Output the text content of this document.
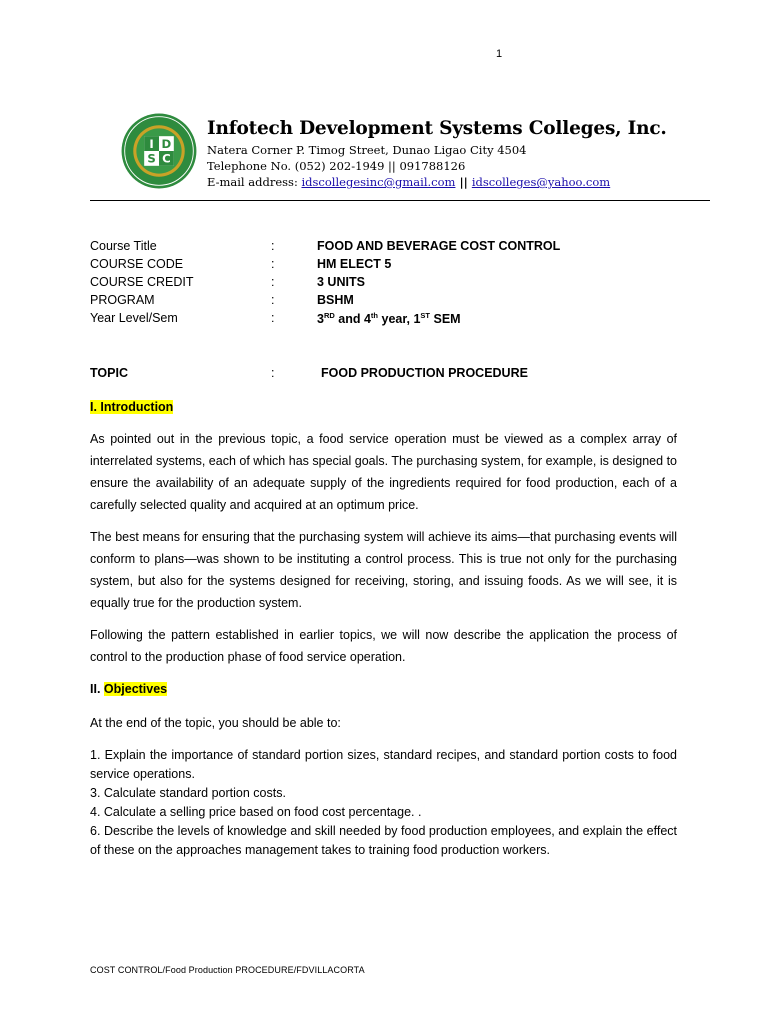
1
I D
S C
Infotech Development Systems Colleges, Inc.
Natera Corner P. Timog Street, Dunao Ligao City 4504
Telephone No. (052) 202-1949 || 091788126
E-mail address: idscollegesinc@gmail.com || idscolleges@yahoo.com
Course Title	:	FOOD AND BEVERAGE COST CONTROL
COURSE CODE	:	HM ELECT 5
COURSE CREDIT	:	3 UNITS
PROGRAM	:	BSHM
Year Level/Sem	:	3RD and 4th year, 1ST SEM
TOPIC	:	FOOD PRODUCTION PROCEDURE
I. Introduction

As pointed out in the previous topic, a food service operation must be viewed as a complex array of interrelated systems, each of which has special goals. The purchasing system, for example, is designed to ensure the availability of an adequate supply of the ingredients required for food production, each of a carefully selected quality and acquired at an optimum price.

The best means for ensuring that the purchasing system will achieve its aims—that purchasing events will conform to plans—was shown to be instituting a control process. This is true not only for the purchasing system, but also for the systems designed for receiving, storing, and issuing foods. As we will see, it is equally true for the production system.

Following the pattern established in earlier topics, we will now describe the application the process of control to the production phase of food service operation.

II. Objectives

At the end of the topic, you should be able to:

1. Explain the importance of standard portion sizes, standard recipes, and standard portion costs to food service operations.

3. Calculate standard portion costs.

4. Calculate a selling price based on food cost percentage. .

6. Describe the levels of knowledge and skill needed by food production employees, and explain the effect of these on the approaches management takes to training food production workers.

COST CONTROL/Food Production PROCEDURE/FDVILLACORTA
